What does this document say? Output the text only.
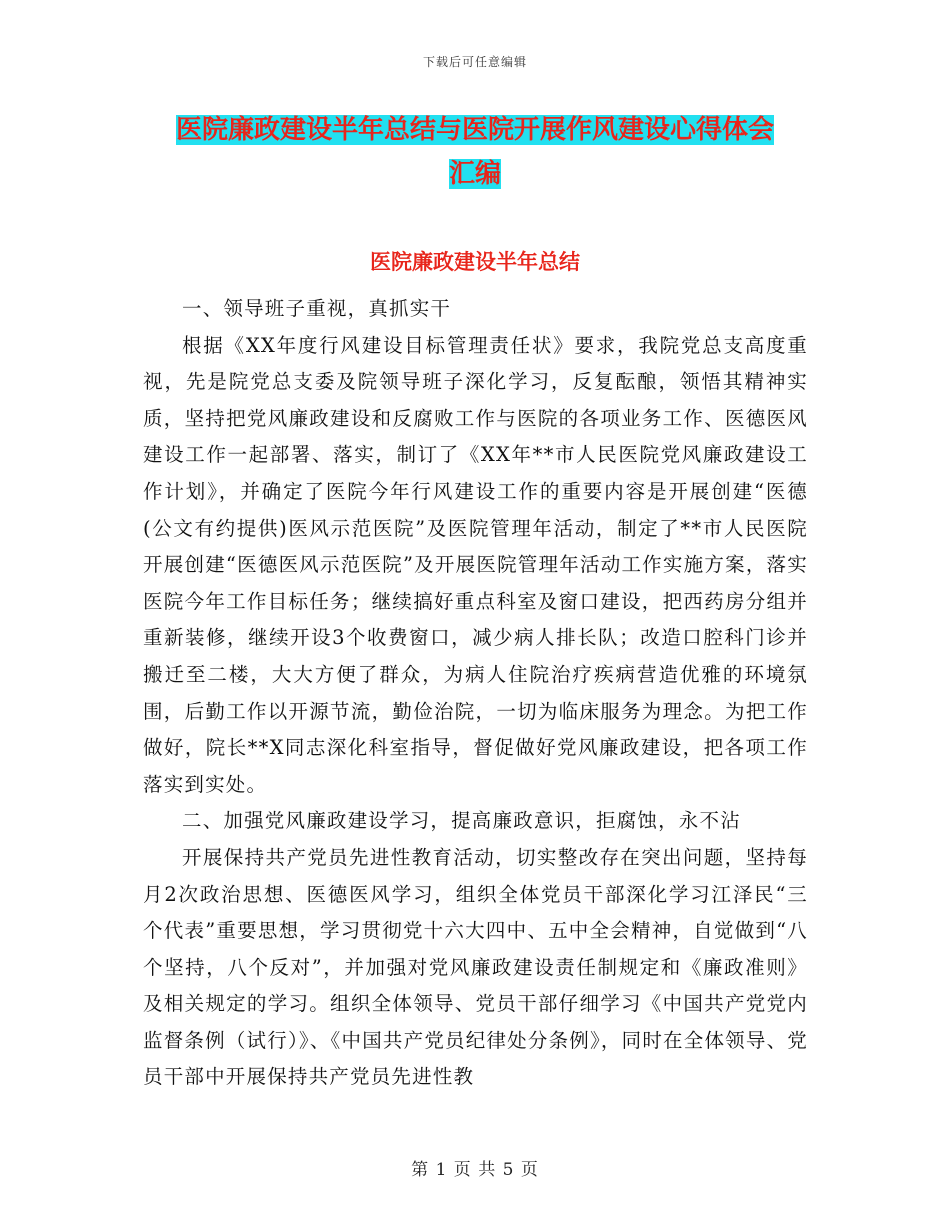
下载后可任意编辑
医院廉政建设半年总结与医院开展作风建设心得体会
汇编
医院廉政建设半年总结

一、领导班子重视，真抓实干

根据《XX年度行风建设目标管理责任状》要求，我院党总支高度重视，先是院党总支委及院领导班子深化学习，反复酝酿，领悟其精神实质，坚持把党风廉政建设和反腐败工作与医院的各项业务工作、医德医风建设工作一起部署、落实，制订了《XX年**市人民医院党风廉政建设工作计划》，并确定了医院今年行风建设工作的重要内容是开展创建“医德(公文有约提供)医风示范医院”及医院管理年活动，制定了**市人民医院开展创建“医德医风示范医院”及开展医院管理年活动工作实施方案，落实医院今年工作目标任务；继续搞好重点科室及窗口建设，把西药房分组并重新装修，继续开设3个收费窗口，减少病人排长队；改造口腔科门诊并搬迁至二楼，大大方便了群众，为病人住院治疗疾病营造优雅的环境氛围，后勤工作以开源节流，勤俭治院，一切为临床服务为理念。为把工作做好，院长**X同志深化科室指导，督促做好党风廉政建设，把各项工作落实到实处。

二、加强党风廉政建设学习，提高廉政意识，拒腐蚀，永不沾

开展保持共产党员先进性教育活动，切实整改存在突出问题，坚持每月2次政治思想、医德医风学习，组织全体党员干部深化学习江泽民“三个代表”重要思想，学习贯彻党十六大四中、五中全会精神，自觉做到“八个坚持，八个反对”，并加强对党风廉政建设责任制规定和《廉政准则》及相关规定的学习。组织全体领导、党员干部仔细学习《中国共产党党内监督条例（试行）》、《中国共产党员纪律处分条例》，同时在全体领导、党员干部中开展保持共产党员先进性教

第 1 页 共 5 页
